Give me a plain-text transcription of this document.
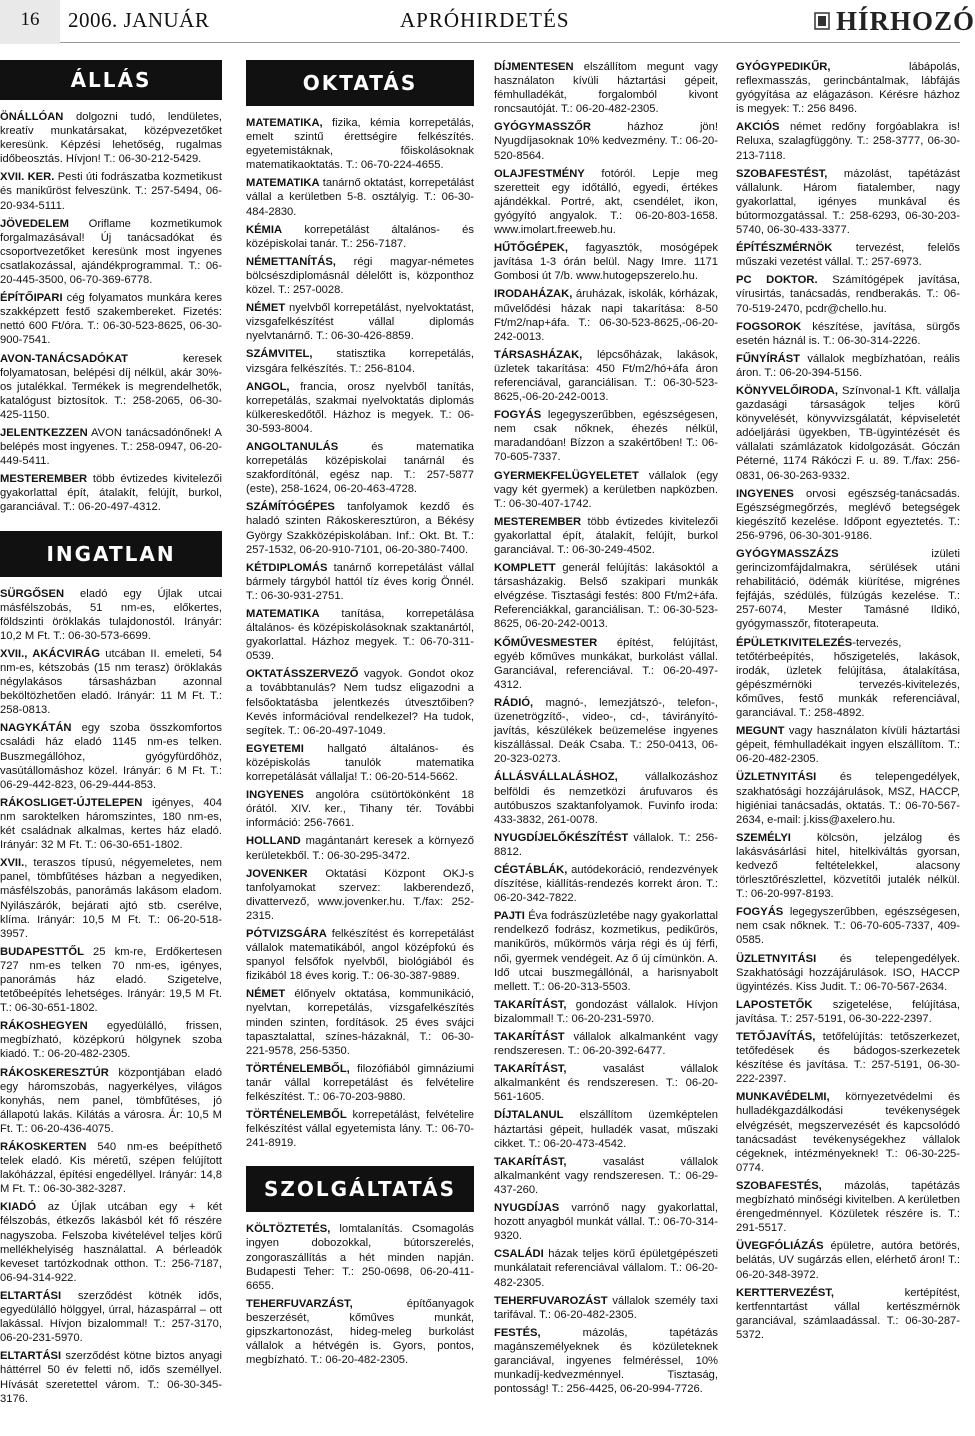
16	2006. JANUÁR	APRÓHIRDETÉS	HÍRHOZÓ
ÁLLÁS

ÖNÁLLÓAN dolgozni tudó, lendületes, kreatív munkatársakat, középvezetőket keresünk. Képzési lehetőség, rugalmas időbeosztás. Hívjon! T.: 06-30-212-5429.

XVII. KER. Pesti úti fodrászatba kozmetikust és manikűröst felveszünk. T.: 257-5494, 06-20-934-5111.

JÖVEDELEM Oriflame kozmetikumok forgalmazásával! Új tanácsadókat és csoportvezetőket keresünk most ingyenes csatlakozással, ajándékprogrammal. T.: 06-20-445-3500, 06-70-369-6778.

ÉPÍTŐIPARI cég folyamatos munkára keres szakképzett festő szakembereket. Fizetés: nettó 600 Ft/óra. T.: 06-30-523-8625, 06-30-900-7541.

AVON-TANÁCSADÓKAT keresek folyamatosan, belépési díj nélkül, akár 30%-os jutalékkal. Termékek is megrendelhetők, katalógust biztosítok. T.: 258-2065, 06-30-425-1150.

JELENTKEZZEN AVON tanácsadónőnek! A belépés most ingyenes. T.: 258-0947, 06-20-449-5411.

MESTEREMBER több évtizedes kivitelezői gyakorlattal épít, átalakít, felújít, burkol, garanciával. T.: 06-20-497-4312.

INGATLAN

SÜRGŐSEN eladó egy Újlak utcai másfélszobás, 51 nm-es, előkertes, földszinti öröklakás tulajdonostól. Irányár: 10,2 M Ft. T.: 06-30-573-6699.

XVII., AKÁCVIRÁG utcában II. emeleti, 54 nm-es, kétszobás (15 nm terasz) öröklakás négylakásos társasházban azonnal beköltözhetően eladó. Irányár: 11 M Ft. T.: 258-0813.

NAGYKÁTÁN egy szoba összkomfortos családi ház eladó 1145 nm-es telken. Buszmegállóhoz, gyógyfürdőhöz, vasútállomáshoz közel. Irányár: 6 M Ft. T.: 06-29-442-823, 06-29-444-853.

RÁKOSLIGET-ÚJTELEPEN igényes, 404 nm saroktelken háromszintes, 180 nm-es, két családnak alkalmas, kertes ház eladó. Irányár: 32 M Ft. T.: 06-30-651-1802.

XVII., teraszos típusú, négyemeletes, nem panel, tömbfűtéses házban a negyediken, másfélszobás, panorámás lakásom eladom. Nyilászárók, bejárati ajtó stb. cserélve, klíma. Irányár: 10,5 M Ft. T.: 06-20-518-3957.

BUDAPESTTŐL 25 km-re, Erdőkertesen 727 nm-es telken 70 nm-es, igényes, panorámás ház eladó. Szigetelve, tetőbeépítés lehetséges. Irányár: 19,5 M Ft. T.: 06-30-651-1802.

RÁKOSHEGYEN egyedülálló, frissen, megbízható, középkorú hölgynek szoba kiadó. T.: 06-20-482-2305.

RÁKOSKERESZTÚR központjában eladó egy háromszobás, nagyerkélyes, világos konyhás, nem panel, tömbfűtéses, jó állapotú lakás. Kilátás a városra. Ár: 10,5 M Ft. T.: 06-20-436-4075.

RÁKOSKERTEN 540 nm-es beépíthető telek eladó. Kis méretű, szépen felújított lakóházzal, építési engedéllyel. Irányár: 14,8 M Ft. T.: 06-30-382-3287.

KIADÓ az Újlak utcában egy + két félszobás, étkezős lakásból két fő részére nagyszoba. Felszoba kivételével teljes körű mellékhelyiség használattal. A bérleadók keveset tartózkodnak otthon. T.: 256-7187, 06-94-314-922.

ELTARTÁSI szerződést kötnék idős, egyedülálló hölggyel, úrral, házaspárral – ott lakással. Hívjon bizalommal! T.: 257-3170, 06-20-231-5970.

ELTARTÁSI szerződést kötne biztos anyagi háttérrel 50 év feletti nő, idős személlyel. Hívását szeretettel várom. T.: 06-30-345-3176.

OKTATÁS

MATEMATIKA, fizika, kémia korrepetálás, emelt szintű érettségire felkészítés. egyetemistáknak, főiskolásoknak matematikaoktatás. T.: 06-70-224-4655.

MATEMATIKA tanárnő oktatást, korrepetálást vállal a kerületben 5-8. osztályig. T.: 06-30-484-2830.

KÉMIA korrepetálást általános- és középiskolai tanár. T.: 256-7187.

NÉMETTANÍTÁS, régi magyar-németes bölcsészdiplomásnál délelőtt is, központhoz közel. T.: 257-0028.

NÉMET nyelvből korrepetálást, nyelvoktatást, vizsgafelkészítést vállal diplomás nyelvtanárnő. T.: 06-30-426-8859.

SZÁMVITEL, statisztika korrepetálás, vizsgára felkészítés. T.: 256-8104.

ANGOL, francia, orosz nyelvből tanítás, korrepetálás, szakmai nyelvoktatás diplomás külkereskedőtől. Házhoz is megyek. T.: 06-30-593-8004.

ANGOLTANULÁS és matematika korrepetálás középiskolai tanárnál és szakfordítónál, egész nap. T.: 257-5877 (este), 258-1624, 06-20-463-4728.

SZÁMÍTÓGÉPES tanfolyamok kezdő és haladó szinten Rákoskeresztúron, a Békésy György Szakközépiskolában. Inf.: Okt. Bt. T.: 257-1532, 06-20-910-7101, 06-20-380-7400.

KÉTDIPLOMÁS tanárnő korrepetálást vállal bármely tárgyból hattól tíz éves korig Önnél. T.: 06-30-931-2751.

MATEMATIKA tanítása, korrepetálása általános- és középiskolásoknak szaktanártól, gyakorlattal. Házhoz megyek. T.: 06-70-311-0539.

OKTATÁSSZERVEZŐ vagyok. Gondot okoz a továbbtanulás? Nem tudsz eligazodni a felsőoktatásba jelentkezés útvesztőiben? Kevés információval rendelkezel? Ha tudok, segítek. T.: 06-20-497-1049.

EGYETEMI hallgató általános- és középiskolás tanulók matematika korrepetálását vállalja! T.: 06-20-514-5662.

INGYENES angolóra csütörtökönként 18 órától. XIV. ker., Tihany tér. További információ: 256-7661.

HOLLAND magántanárt keresek a környező kerületekből. T.: 06-30-295-3472.

JOVENKER Oktatási Központ OKJ-s tanfolyamokat szervez: lakberendező, divattervező, www.jovenker.hu. T./fax: 252-2315.

PÓTVIZSGÁRA felkészítést és korrepetálást vállalok matematikából, angol középfokú és spanyol felsőfok nyelvből, biológiából és fizikából 18 éves korig. T.: 06-30-387-9889.

NÉMET élőnyelv oktatása, kommunikáció, nyelvtan, korrepetálás, vizsgafelkészítés minden szinten, fordítások. 25 éves svájci tapasztalattal, színes-házaknál, T.: 06-30-221-9578, 256-5350.

TÖRTÉNELEMBŐL, filozófiából gimnáziumi tanár vállal korrepetálást és felvételire felkészítést. T.: 06-70-203-9880.

TÖRTÉNELEMBŐL korrepetálást, felvételire felkészítést vállal egyetemista lány. T.: 06-70-241-8919.

SZOLGÁLTATÁS

KÖLTÖZTETÉS, lomtalanítás. Csomagolás ingyen dobozokkal, bútorszerelés, zongoraszállítás a hét minden napján. Budapesti Teher: T.: 250-0698, 06-20-411-6655.

TEHERFUVARZÁST, építőanyagok beszerzését, kőműves munkát, gipszkartonozást, hideg-meleg burkolást vállalok a hétvégén is. Gyors, pontos, megbízható. T.: 06-20-482-2305.

DÍJMENTESEN elszállítom megunt vagy használaton kívüli háztartási gépeit, fémhulladékát, forgalomból kivont roncsautóját. T.: 06-20-482-2305.

GYÓGYMASSZŐR házhoz jön! Nyugdíjasoknak 10% kedvezmény. T.: 06-20-520-8564.

OLAJFESTMÉNY fotóról. Lepje meg szeretteit egy időtálló, egyedi, értékes ajándékkal. Portré, akt, csendélet, ikon, gyógyító angyalok. T.: 06-20-803-1658. www.imolart.freeweb.hu.

HŰTŐGÉPEK, fagyasztók, mosógépek javítása 1-3 órán belül. Nagy Imre. 1171 Gombosi út 7/b. www.hutogepszerelo.hu.

IRODAHÁZAK, áruházak, iskolák, kórházak, művelődési házak napi takarítása: 8-50 Ft/m2/nap+áfa. T.: 06-30-523-8625,-06-20-242-0013.

TÁRSASHÁZAK, lépcsőházak, lakások, üzletek takarítása: 450 Ft/m2/hó+áfa áron referenciával, garanciálisan. T.: 06-30-523-8625,-06-20-242-0013.

FOGYÁS legegyszerűbben, egészségesen, nem csak nőknek, éhezés nélkül, maradandóan! Bízzon a szakértőben! T.: 06-70-605-7337.

GYERMEKFELÜGYELETET vállalok (egy vagy két gyermek) a kerületben napközben. T.: 06-30-407-1742.

MESTEREMBER több évtizedes kivitelezői gyakorlattal épít, átalakít, felújít, burkol garanciával. T.: 06-30-249-4502.

KOMPLETT generál felújítás: lakásoktól a társasházakig. Belső szakipari munkák elvégzése. Tisztasági festés: 800 Ft/m2+áfa. Referenciákkal, garanciálisan. T.: 06-30-523-8625, 06-20-242-0013.

KŐMŰVESMESTER építést, felújítást, egyéb kőműves munkákat, burkolást vállal. Garanciával, referenciával. T.: 06-20-497-4312.

RÁDIÓ, magnó-, lemezjátszó-, telefon-, üzenetrögzítő-, video-, cd-, távirányító-javítás, készülékek beüzemelése ingyenes kiszállással. Deák Csaba. T.: 250-0413, 06-20-323-0273.

ÁLLÁSVÁLLALÁSHOZ, vállalkozáshoz belföldi és nemzetközi árufuvaros és autóbuszos szaktanfolyamok. Fuvinfo iroda: 433-3832, 261-0078.

NYUGDÍJELŐKÉSZÍTÉST vállalok. T.: 256-8812.

CÉGTÁBLÁK, autódekoráció, rendezvények díszítése, kiállítás-rendezés korrekt áron. T.: 06-20-342-7822.

PAJTI Éva fodrászüzletébe nagy gyakorlattal rendelkező fodrász, kozmetikus, pedikűrös, manikűrös, műkörmös várja régi és új férfi, női, gyermek vendégeit. Az ő új címünkön. A. Idő utcai buszmegállónál, a harisnyabolt mellett. T.: 06-20-313-5503.

TAKARÍTÁST, gondozást vállalok. Hívjon bizalommal! T.: 06-20-231-5970.

TAKARÍTÁST vállalok alkalmanként vagy rendszeresen. T.: 06-20-392-6477.

TAKARÍTÁST, vasalást vállalok alkalmanként és rendszeresen. T.: 06-20-561-1605.

DÍJTALANUL elszállítom üzemképtelen háztartási gépeit, hulladék vasat, műszaki cikket. T.: 06-20-473-4542.

TAKARÍTÁST, vasalást vállalok alkalmanként vagy rendszeresen. T.: 06-29-437-260.

NYUGDÍJAS varrónő nagy gyakorlattal, hozott anyagból munkát vállal. T.: 06-70-314-9320.

CSALÁDI házak teljes körű épületgépészeti munkálatait referenciával vállalom. T.: 06-20-482-2305.

TEHERFUVAROZÁST vállalok személy taxi tarifával. T.: 06-20-482-2305.

FESTÉS, mázolás, tapétázás magánszemélyeknek és közületeknek garanciával, ingyenes felméréssel, 10% munkadíj-kedvezménnyel. Tisztaság, pontosság! T.: 256-4425, 06-20-994-7726.

GYÓGYPEDIKŰR, lábápolás, reflexmasszás, gerincbántalmak, lábfájás gyógyítása az elágazáson. Kérésre házhoz is megyek: T.: 256 8496.

AKCIÓS német redőny forgóablakra is! Reluxa, szalagfüggöny. T.: 258-3777, 06-30-213-7118.

SZOBAFESTÉST, mázolást, tapétázást vállalunk. Három fiatalember, nagy gyakorlattal, igényes munkával és bútormozgatással. T.: 258-6293, 06-30-203-5740, 06-30-433-3377.

ÉPÍTÉSZMÉRNÖK tervezést, felelős műszaki vezetést vállal. T.: 257-6973.

PC DOKTOR. Számítógépek javítása, vírusirtás, tanácsadás, rendberakás. T.: 06-70-519-2470, pcdr@chello.hu.

FOGSOROK készítése, javítása, sürgős esetén háznál is. T.: 06-30-314-2226.

FŰNYÍRÁST vállalok megbízhatóan, reális áron. T.: 06-20-394-5156.

KÖNYVELŐIRODA, Színvonal-1 Kft. vállalja gazdasági társaságok teljes körű könyvelését, könyvvizsgálatát, képviseletét adóeljárási ügyekben, TB-ügyintézését és vállalati számlázatok kidolgozását. Góczán Péterné, 1174 Rákóczi F. u. 89. T./fax: 256-0831, 06-30-263-9332.

INGYENES orvosi egészség-tanácsadás. Egészségmegőrzés, meglévő betegségek kiegészítő kezelése. Időpont egyeztetés. T.: 256-9796, 06-30-301-9186.

GYÓGYMASSZÁZS izületi gerincizomfájdalmakra, sérülések utáni rehabilitáció, ödémák kiürítése, migrénes fejfájás, szédülés, fülzúgás kezelése. T.: 257-6074, Mester Tamásné Ildikó, gyógymasszőr, fitoterapeuta.

ÉPÜLETKIVITELEZÉS-tervezés, tetőtérbeépítés, hőszigetelés, lakások, irodák, üzletek felújítása, átalakítása, gépészmérnöki tervezés-kivitelezés, kőműves, festő munkák referenciával, garanciával. T.: 258-4892.

MEGUNT vagy használaton kívüli háztartási gépeit, fémhulladékait ingyen elszállítom. T.: 06-20-482-2305.

ÜZLETNYITÁSI és telepengedélyek, szakhatósági hozzájárulások, MSZ, HACCP, higiéniai tanácsadás, oktatás. T.: 06-70-567-2634, e-mail: j.kiss@axelero.hu.

SZEMÉLYI kölcsön, jelzálog és lakásvásárlási hitel, hitelkiváltás gyorsan, kedvező feltételekkel, alacsony törlesztőrészlettel, közvetítői jutalék nélkül. T.: 06-20-997-8193.

FOGYÁS legegyszerűbben, egészségesen, nem csak nőknek. T.: 06-70-605-7337, 409-0585.

ÜZLETNYITÁSI és telepengedélyek. Szakhatósági hozzájárulások. ISO, HACCP ügyintézés. Kiss Judit. T.: 06-70-567-2634.

LAPOSTETŐK szigetelése, felújítása, javítása. T.: 257-5191, 06-30-222-2397.

TETŐJAVÍTÁS, tetőfelújítás: tetőszerkezet, tetőfedések és bádogos-szerkezetek készítése és javítása. T.: 257-5191, 06-30-222-2397.

MUNKAVÉDELMI, környezetvédelmi és hulladékgazdálkodási tevékenységek elvégzését, megszervezését és kapcsolódó tanácsadást tevékenységekhez vállalok cégeknek, intézményeknek! T.: 06-30-225-0774.

SZOBAFESTÉS, mázolás, tapétázás megbízható minőségi kivitelben. A kerületben érengedménnyel. Közületek részére is. T.: 291-5517.

ÜVEGFÓLIÁZÁS épületre, autóra betörés, belátás, UV sugárzás ellen, elérhető áron! T.: 06-20-348-3972.

KERTTERVEZÉST, kertépítést, kertfenntartást vállal kertészmérnök garanciával, számlaadással. T.: 06-30-287-5372.
